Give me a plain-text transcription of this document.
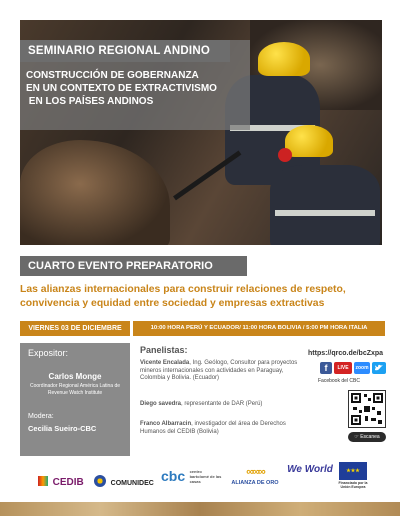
SEMINARIO REGIONAL ANDINO
CONSTRUCCIÓN DE GOBERNANZA
EN UN CONTEXTO DE EXTRACTIVISMO
EN LOS PAÍSES ANDINOS
CUARTO EVENTO PREPARATORIO
Las alianzas internacionales para construir relaciones de respeto, convivencia y equidad entre sociedad y empresas extractivas
VIERNES 03 DE DICIEMBRE	10:00 HORA PERÚ Y ECUADOR/ 11:00 HORA BOLIVIA / 5:00 PM HORA ITALIA
Expositor:
Carlos Monge
Coordinador Regional América Latina de Revenue Watch Institute
Modera:
Cecilia Sueiro-CBC
Panelistas:
Vicente Encalada, Ing. Geólogo, Consultor para proyectos mineros internacionales con actividades en Paraguay, Colombia y Bolivia. (Ecuador)
Diego savedra, representante de DAR (Perú)
Franco Albarracin, investigador del área de Derechos Humanos del CEDIB (Bolivia)
https://qrco.de/bcZxpa
f	LIVE	zoom
Facebook del CBC
☞ Escanea
CEDIB	COMUNIDEC cbc centro bartolomé de las casas
∞∞∞
ALIANZA DE ORO
We World	★★★
Financiado por la Unión Europea
